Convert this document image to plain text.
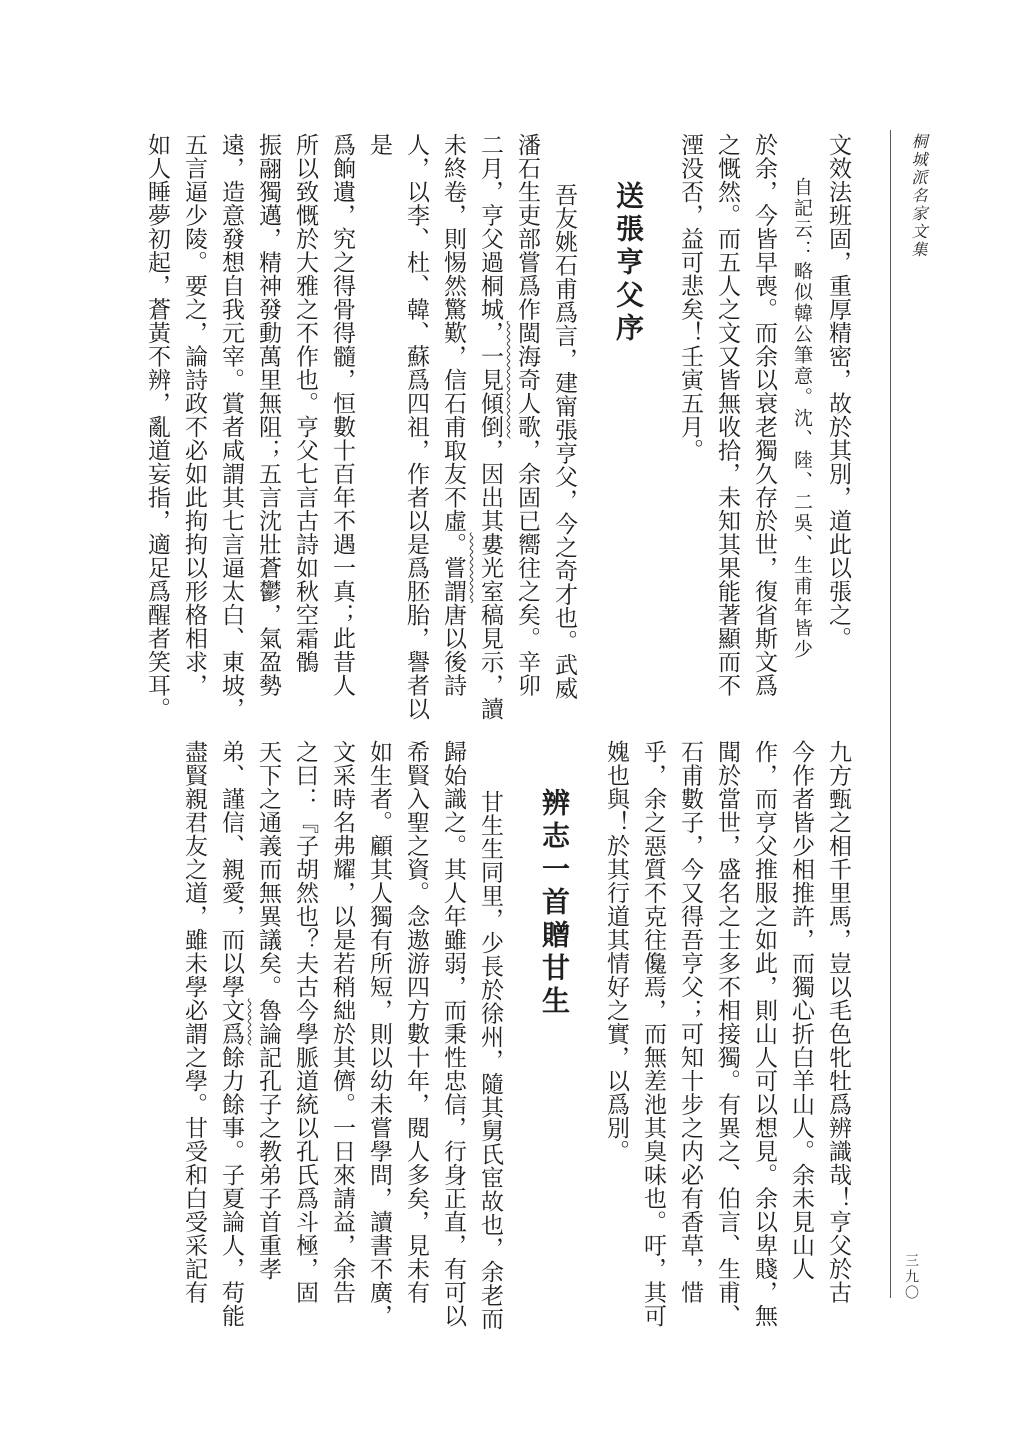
桐城派名家文集
三九〇

文效法班固，重厚精密，故於其別，道此以張之。

自記云：略似韓公筆意。沈、陸、二吳、生甫年皆少

於余，今皆早喪。而余以衰老獨久存於世，復省斯文爲

之慨然。而五人之文又皆無收拾，未知其果能著顯而不

湮没否，益可悲矣！壬寅五月。

送張亨父序

吾友姚石甫爲言，建甯張亨父，今之奇才也。武威

潘石生吏部嘗爲作閩海奇人歌，余固已嚮往之矣。辛卯

二月，亨父過桐城，一見傾倒，因出其婁光室稿見示，讀

未終卷，則惕然驚歎，信石甫取友不虛。嘗謂唐以後詩

人，以李、杜、韓、蘇爲四祖，作者以是爲胚胎，譽者以是

爲餉遺，究之得骨得髓，恒數十百年不遇一真；此昔人

所以致慨於大雅之不作也。亨父七言古詩如秋空霜鶻

振翮獨邁，精神發動萬里無阻；五言沈壯蒼鬱，氣盈勢

遠，造意發想自我元宰。賞者咸謂其七言逼太白、東坡，

五言逼少陵。要之，論詩政不必如此拘拘以形格相求，

如人睡夢初起，蒼黃不辨，亂道妄指，適足爲醒者笑耳。

九方甄之相千里馬，豈以毛色牝牡爲辨識哉！亨父於古

今作者皆少相推許，而獨心折白羊山人。余未見山人

作，而亨父推服之如此，則山人可以想見。余以卑賤，無

聞於當世，盛名之士多不相接獨。有異之、伯言、生甫、

石甫數子，今又得吾亨父；可知十步之内必有香草，惜

乎，余之惡質不克往儳焉，而無差池其臭味也。吁，其可

媿也與！於其行道其情好之實，以爲別。

辨志一首贈甘生

甘生生同里，少長於徐州，隨其舅氏宦故也，余老而

歸始識之。其人年雖弱，而秉性忠信，行身正直，有可以

希賢入聖之資。念遨游四方數十年，閱人多矣，見未有

如生者。顧其人獨有所短，則以幼未嘗學問，讀書不廣，

文采時名弗耀，以是若稍絀於其儕。一日來請益，余告

之曰：『子胡然也？夫古今學脈道統以孔氏爲斗極，固

天下之通義而無異議矣。魯論記孔子之教弟子首重孝

弟、謹信、親愛，而以學文爲餘力餘事。子夏論人，苟能

盡賢親君友之道，雖未學必謂之學。甘受和白受采記有
